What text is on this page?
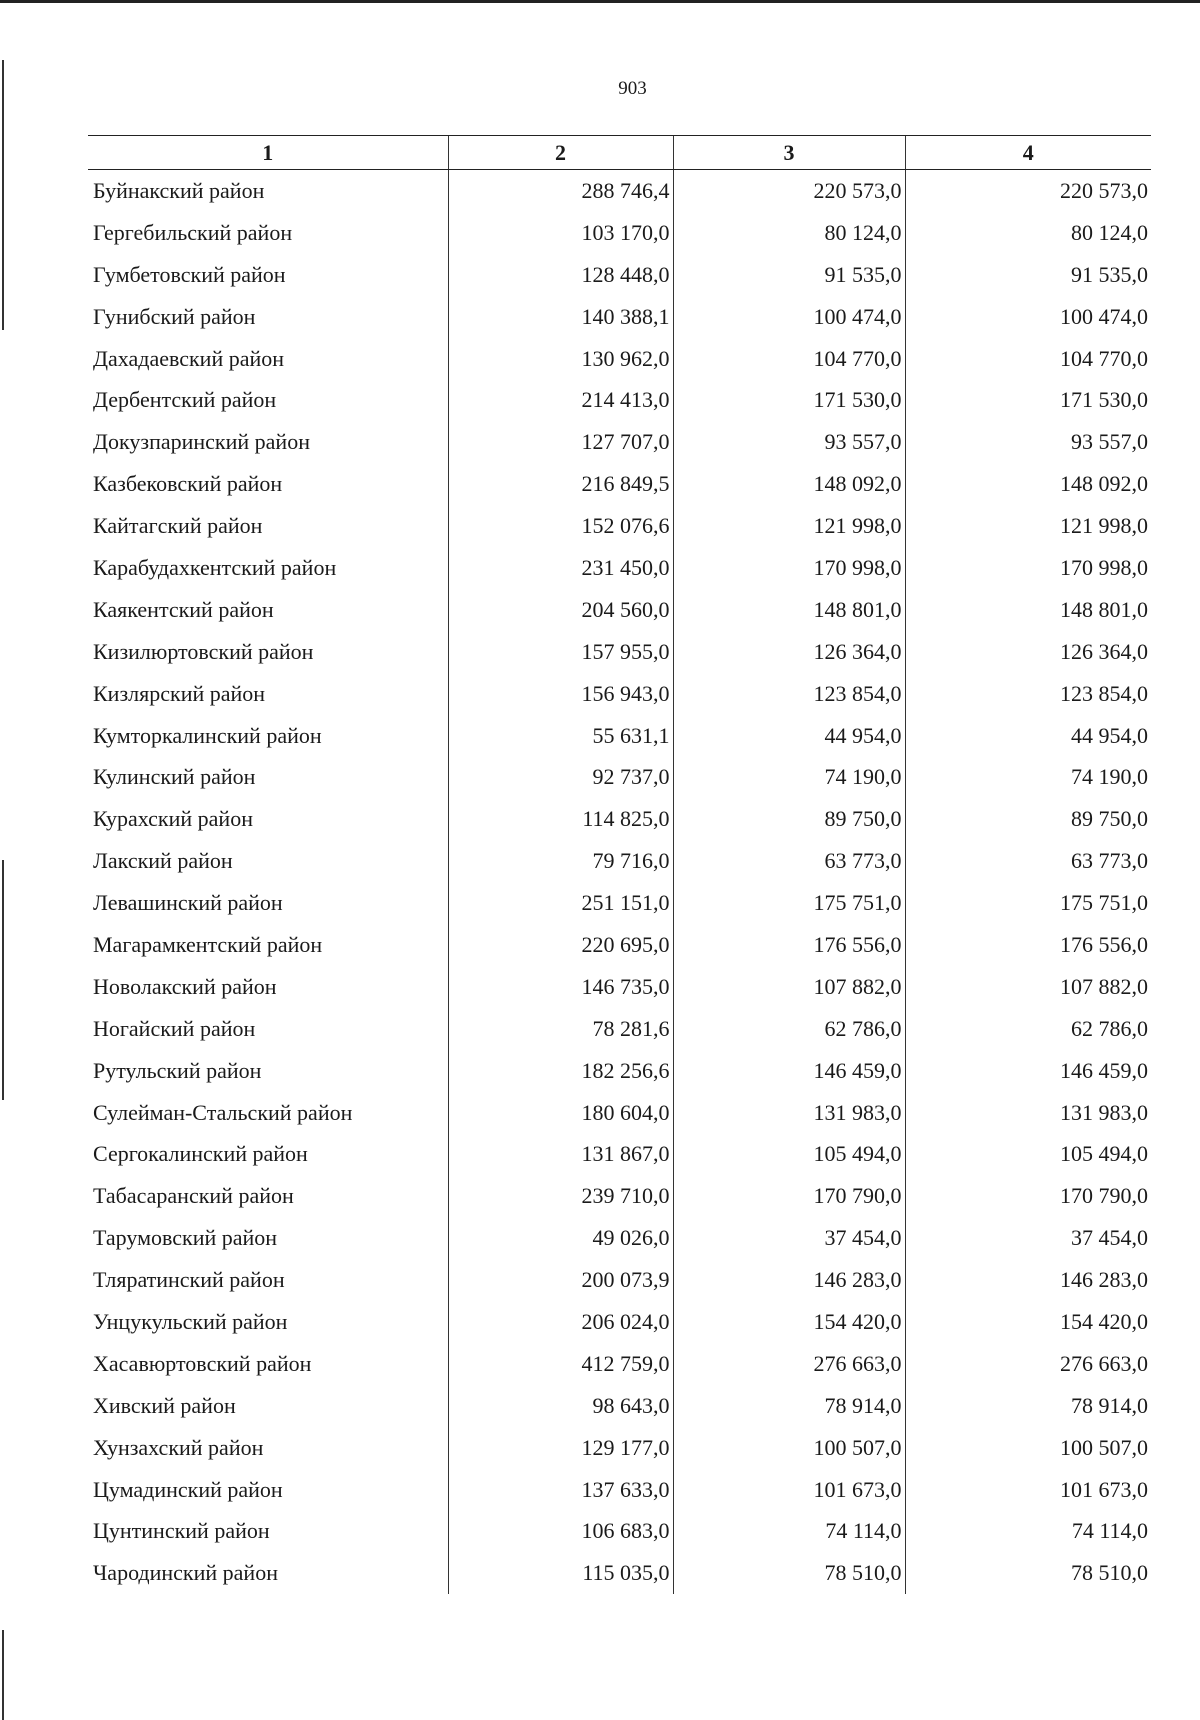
903
1	2	3	4
Буйнакский район	288 746,4	220 573,0	220 573,0
Гергебильский район	103 170,0	80 124,0	80 124,0
Гумбетовский район	128 448,0	91 535,0	91 535,0
Гунибский район	140 388,1	100 474,0	100 474,0
Дахадаевский район	130 962,0	104 770,0	104 770,0
Дербентский район	214 413,0	171 530,0	171 530,0
Докузпаринский район	127 707,0	93 557,0	93 557,0
Казбековский район	216 849,5	148 092,0	148 092,0
Кайтагский район	152 076,6	121 998,0	121 998,0
Карабудахкентский район	231 450,0	170 998,0	170 998,0
Каякентский район	204 560,0	148 801,0	148 801,0
Кизилюртовский район	157 955,0	126 364,0	126 364,0
Кизлярский район	156 943,0	123 854,0	123 854,0
Кумторкалинский район	55 631,1	44 954,0	44 954,0
Кулинский район	92 737,0	74 190,0	74 190,0
Курахский район	114 825,0	89 750,0	89 750,0
Лакский район	79 716,0	63 773,0	63 773,0
Левашинский район	251 151,0	175 751,0	175 751,0
Магарамкентский район	220 695,0	176 556,0	176 556,0
Новолакский район	146 735,0	107 882,0	107 882,0
Ногайский район	78 281,6	62 786,0	62 786,0
Рутульский район	182 256,6	146 459,0	146 459,0
Сулейман-Стальский район	180 604,0	131 983,0	131 983,0
Сергокалинский район	131 867,0	105 494,0	105 494,0
Табасаранский район	239 710,0	170 790,0	170 790,0
Тарумовский район	49 026,0	37 454,0	37 454,0
Тляратинский район	200 073,9	146 283,0	146 283,0
Унцукульский район	206 024,0	154 420,0	154 420,0
Хасавюртовский район	412 759,0	276 663,0	276 663,0
Хивский район	98 643,0	78 914,0	78 914,0
Хунзахский район	129 177,0	100 507,0	100 507,0
Цумадинский район	137 633,0	101 673,0	101 673,0
Цунтинский район	106 683,0	74 114,0	74 114,0
Чародинский район	115 035,0	78 510,0	78 510,0
